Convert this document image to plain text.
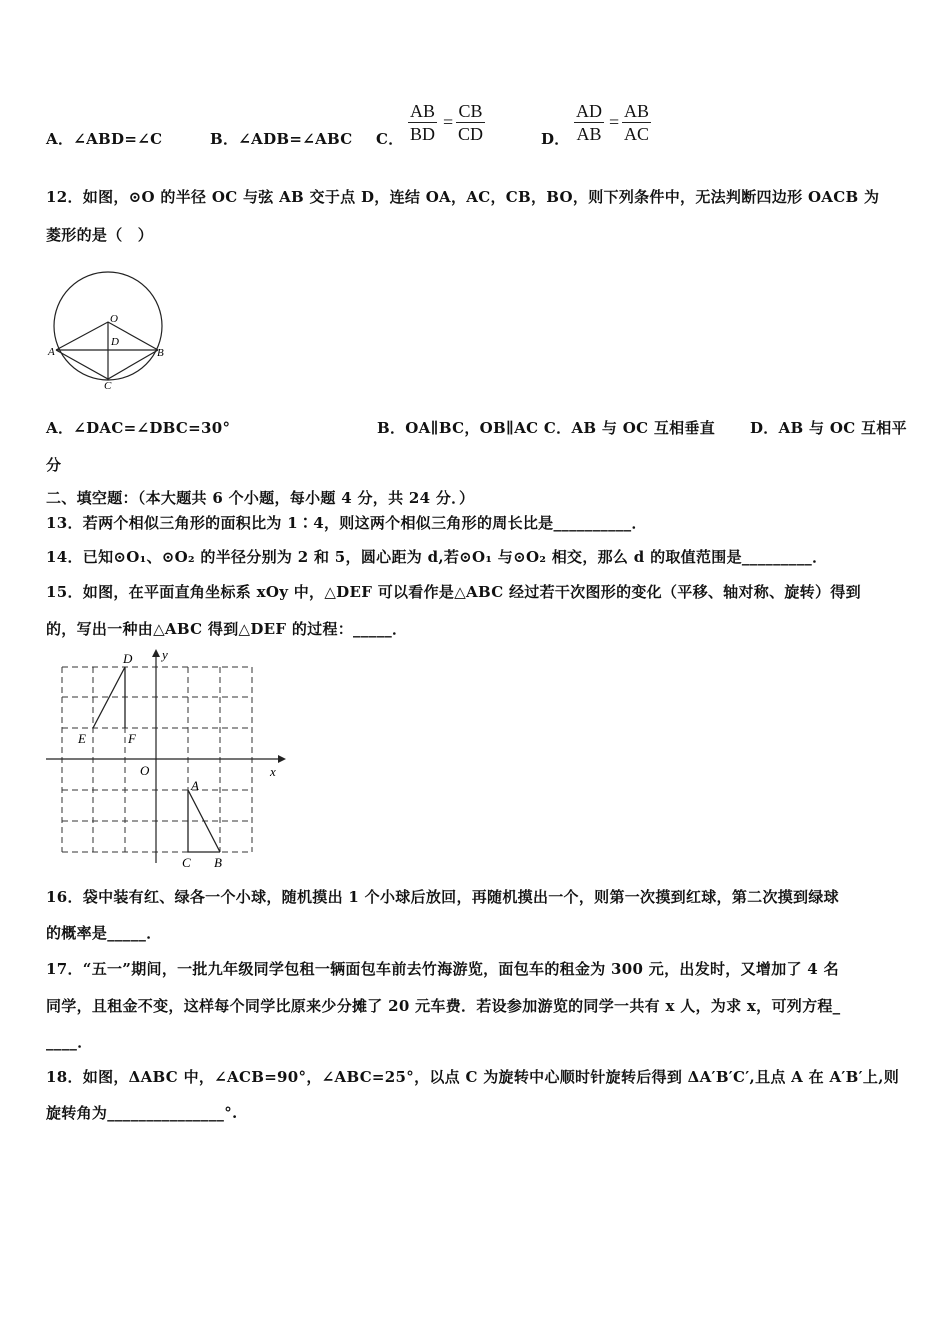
A．∠ABD=∠C	B．∠ADB=∠ABC C． $\frac{AB}{BD} = \frac{CB}{CD}$	D． $\frac{AD}{AB} = \frac{AB}{AC}$
12．如图，⊙O 的半径 OC 与弦 AB 交于点 D，连结 OA，AC，CB，BO，则下列条件中，无法判断四边形 OACB 为
菱形的是（　）
O
D
A	B
C
A．∠DAC=∠DBC=30°	B．OA∥BC，OB∥AC C．AB 与 OC 互相垂直 D．AB 与 OC 互相平
分
二、填空题：（本大题共 6 个小题，每小题 4 分，共 24 分．）
13．若两个相似三角形的面积比为 1∶4，则这两个相似三角形的周长比是__________．
14．已知⊙O₁、⊙O₂ 的半径分别为 2 和 5，圆心距为 d,若⊙O₁ 与⊙O₂ 相交，那么 d 的取值范围是_________．
15．如图，在平面直角坐标系 xOy 中，△DEF 可以看作是△ABC 经过若干次图形的变化（平移、轴对称、旋转）得到
的，写出一种由△ABC 得到△DEF 的过程：_____．
D
E	F
O	x
y
A
C B
16．袋中装有红、绿各一个小球，随机摸出 1 个小球后放回，再随机摸出一个，则第一次摸到红球，第二次摸到绿球
的概率是_____．
17．“五一”期间，一批九年级同学包租一辆面包车前去竹海游览，面包车的租金为 300 元，出发时，又增加了 4 名
同学，且租金不变，这样每个同学比原来少分摊了 20 元车费．若设参加游览的同学一共有 x 人，为求 x，可列方程_
____．
18．如图，ΔABC 中，∠ACB=90°，∠ABC=25°，以点 C 为旋转中心顺时针旋转后得到 ΔA′B′C′,且点 A 在 A′B′上,则
旋转角为_______________°.
